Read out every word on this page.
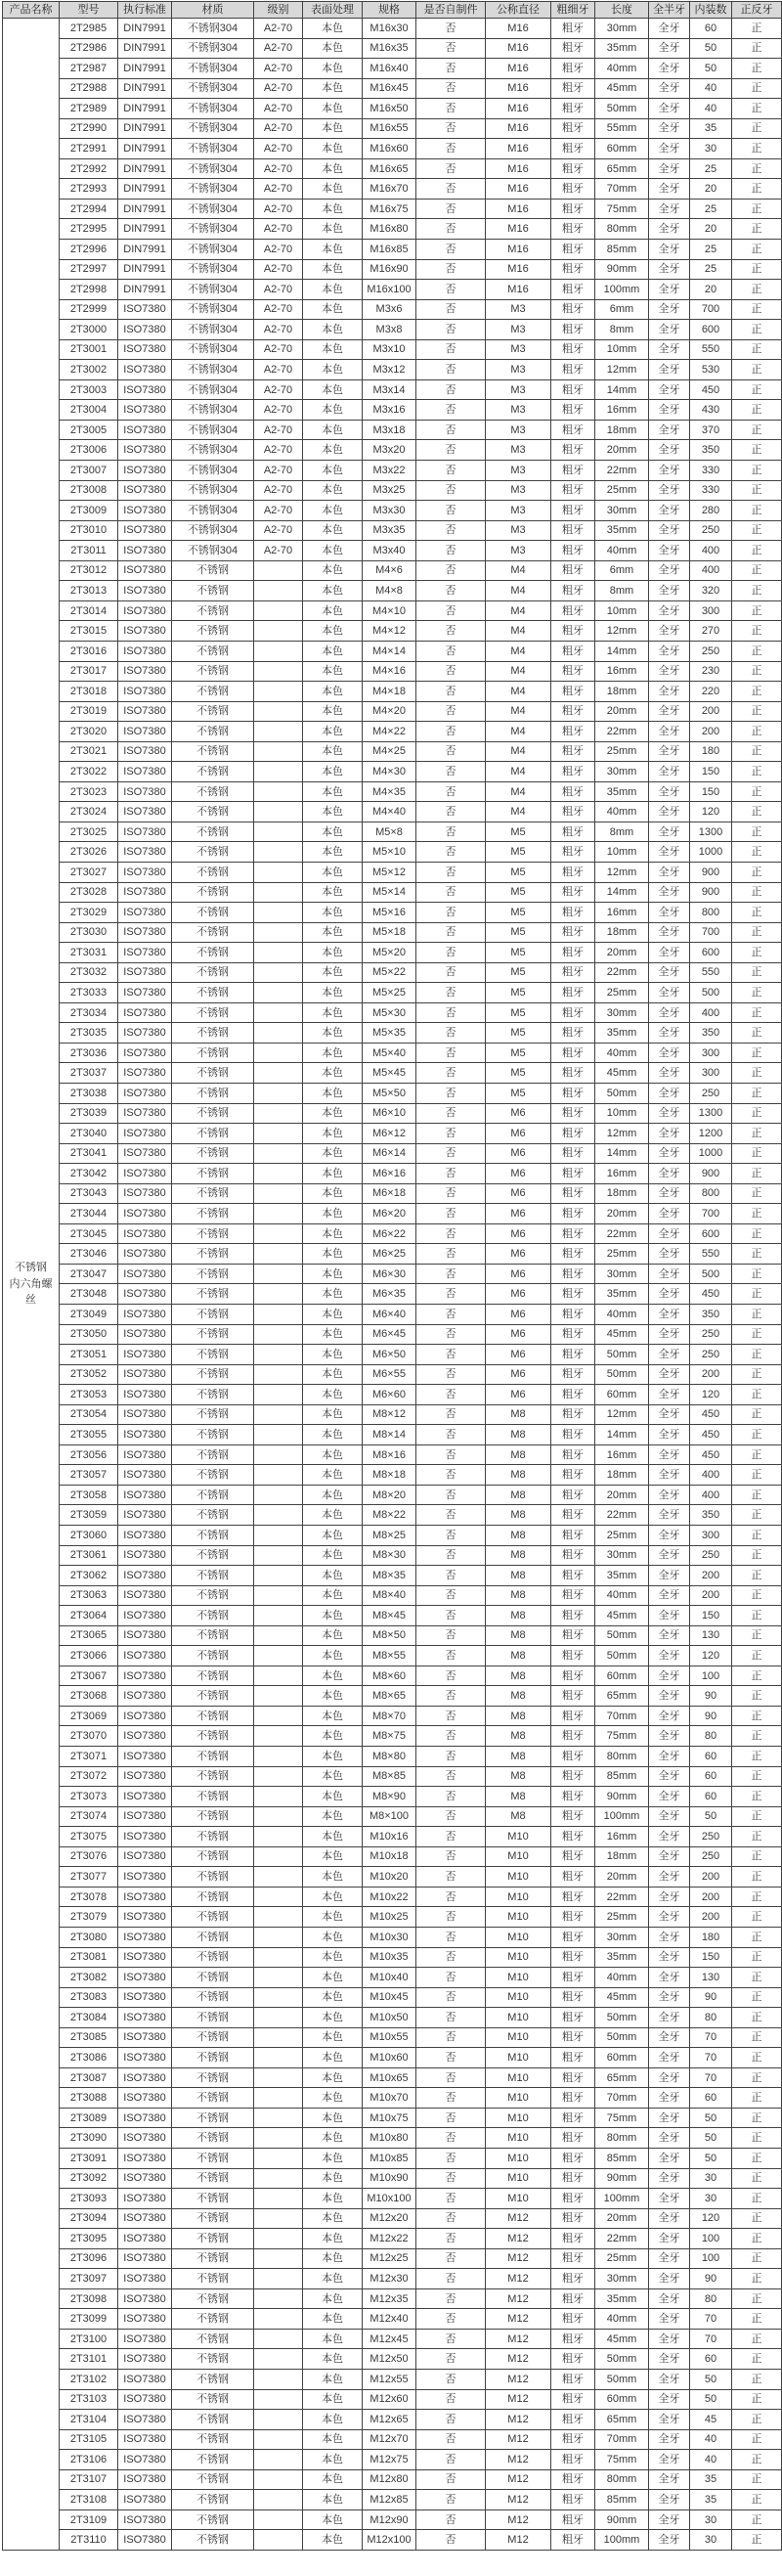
产品名称	型号	执行标准	材质	级别	表面处理	规格	是否自制件	公称直径	粗细牙	长度	全半牙	内装数	正反牙
不锈钢 内六角螺丝	2T2985	DIN7991	不锈钢304	A2-70	本色	M16x30	否	M16	粗牙	30mm	全牙	60	正
	2T2986	DIN7991	不锈钢304	A2-70	本色	M16x35	否	M16	粗牙	35mm	全牙	50	正
	2T2987	DIN7991	不锈钢304	A2-70	本色	M16x40	否	M16	粗牙	40mm	全牙	50	正
	2T2988	DIN7991	不锈钢304	A2-70	本色	M16x45	否	M16	粗牙	45mm	全牙	40	正
	2T2989	DIN7991	不锈钢304	A2-70	本色	M16x50	否	M16	粗牙	50mm	全牙	40	正
	2T2990	DIN7991	不锈钢304	A2-70	本色	M16x55	否	M16	粗牙	55mm	全牙	35	正
	2T2991	DIN7991	不锈钢304	A2-70	本色	M16x60	否	M16	粗牙	60mm	全牙	30	正
	2T2992	DIN7991	不锈钢304	A2-70	本色	M16x65	否	M16	粗牙	65mm	全牙	25	正
	2T2993	DIN7991	不锈钢304	A2-70	本色	M16x70	否	M16	粗牙	70mm	全牙	20	正
	2T2994	DIN7991	不锈钢304	A2-70	本色	M16x75	否	M16	粗牙	75mm	全牙	25	正
	2T2995	DIN7991	不锈钢304	A2-70	本色	M16x80	否	M16	粗牙	80mm	全牙	20	正
	2T2996	DIN7991	不锈钢304	A2-70	本色	M16x85	否	M16	粗牙	85mm	全牙	25	正
	2T2997	DIN7991	不锈钢304	A2-70	本色	M16x90	否	M16	粗牙	90mm	全牙	25	正
	2T2998	DIN7991	不锈钢304	A2-70	本色	M16x100	否	M16	粗牙	100mm	全牙	20	正
	2T2999	ISO7380	不锈钢304	A2-70	本色	M3x6	否	M3	粗牙	6mm	全牙	700	正
	2T3000	ISO7380	不锈钢304	A2-70	本色	M3x8	否	M3	粗牙	8mm	全牙	600	正
	2T3001	ISO7380	不锈钢304	A2-70	本色	M3x10	否	M3	粗牙	10mm	全牙	550	正
	2T3002	ISO7380	不锈钢304	A2-70	本色	M3x12	否	M3	粗牙	12mm	全牙	530	正
	2T3003	ISO7380	不锈钢304	A2-70	本色	M3x14	否	M3	粗牙	14mm	全牙	450	正
	2T3004	ISO7380	不锈钢304	A2-70	本色	M3x16	否	M3	粗牙	16mm	全牙	430	正
	2T3005	ISO7380	不锈钢304	A2-70	本色	M3x18	否	M3	粗牙	18mm	全牙	370	正
	2T3006	ISO7380	不锈钢304	A2-70	本色	M3x20	否	M3	粗牙	20mm	全牙	350	正
	2T3007	ISO7380	不锈钢304	A2-70	本色	M3x22	否	M3	粗牙	22mm	全牙	330	正
	2T3008	ISO7380	不锈钢304	A2-70	本色	M3x25	否	M3	粗牙	25mm	全牙	330	正
	2T3009	ISO7380	不锈钢304	A2-70	本色	M3x30	否	M3	粗牙	30mm	全牙	280	正
	2T3010	ISO7380	不锈钢304	A2-70	本色	M3x35	否	M3	粗牙	35mm	全牙	250	正
	2T3011	ISO7380	不锈钢304	A2-70	本色	M3x40	否	M3	粗牙	40mm	全牙	400	正
	2T3012	ISO7380	不锈钢		本色	M4×6	否	M4	粗牙	6mm	全牙	400	正
	2T3013	ISO7380	不锈钢		本色	M4×8	否	M4	粗牙	8mm	全牙	320	正
	2T3014	ISO7380	不锈钢		本色	M4×10	否	M4	粗牙	10mm	全牙	300	正
	2T3015	ISO7380	不锈钢		本色	M4×12	否	M4	粗牙	12mm	全牙	270	正
	2T3016	ISO7380	不锈钢		本色	M4×14	否	M4	粗牙	14mm	全牙	250	正
	2T3017	ISO7380	不锈钢		本色	M4×16	否	M4	粗牙	16mm	全牙	230	正
	2T3018	ISO7380	不锈钢		本色	M4×18	否	M4	粗牙	18mm	全牙	220	正
	2T3019	ISO7380	不锈钢		本色	M4×20	否	M4	粗牙	20mm	全牙	200	正
	2T3020	ISO7380	不锈钢		本色	M4×22	否	M4	粗牙	22mm	全牙	200	正
	2T3021	ISO7380	不锈钢		本色	M4×25	否	M4	粗牙	25mm	全牙	180	正
	2T3022	ISO7380	不锈钢		本色	M4×30	否	M4	粗牙	30mm	全牙	150	正
	2T3023	ISO7380	不锈钢		本色	M4×35	否	M4	粗牙	35mm	全牙	150	正
	2T3024	ISO7380	不锈钢		本色	M4×40	否	M4	粗牙	40mm	全牙	120	正
	2T3025	ISO7380	不锈钢		本色	M5×8	否	M5	粗牙	8mm	全牙	1300	正
	2T3026	ISO7380	不锈钢		本色	M5×10	否	M5	粗牙	10mm	全牙	1000	正
	2T3027	ISO7380	不锈钢		本色	M5×12	否	M5	粗牙	12mm	全牙	900	正
	2T3028	ISO7380	不锈钢		本色	M5×14	否	M5	粗牙	14mm	全牙	900	正
	2T3029	ISO7380	不锈钢		本色	M5×16	否	M5	粗牙	16mm	全牙	800	正
	2T3030	ISO7380	不锈钢		本色	M5×18	否	M5	粗牙	18mm	全牙	700	正
	2T3031	ISO7380	不锈钢		本色	M5×20	否	M5	粗牙	20mm	全牙	600	正
	2T3032	ISO7380	不锈钢		本色	M5×22	否	M5	粗牙	22mm	全牙	550	正
	2T3033	ISO7380	不锈钢		本色	M5×25	否	M5	粗牙	25mm	全牙	500	正
	2T3034	ISO7380	不锈钢		本色	M5×30	否	M5	粗牙	30mm	全牙	400	正
	2T3035	ISO7380	不锈钢		本色	M5×35	否	M5	粗牙	35mm	全牙	350	正
	2T3036	ISO7380	不锈钢		本色	M5×40	否	M5	粗牙	40mm	全牙	300	正
	2T3037	ISO7380	不锈钢		本色	M5×45	否	M5	粗牙	45mm	全牙	300	正
	2T3038	ISO7380	不锈钢		本色	M5×50	否	M5	粗牙	50mm	全牙	250	正
	2T3039	ISO7380	不锈钢		本色	M6×10	否	M6	粗牙	10mm	全牙	1300	正
	2T3040	ISO7380	不锈钢		本色	M6×12	否	M6	粗牙	12mm	全牙	1200	正
	2T3041	ISO7380	不锈钢		本色	M6×14	否	M6	粗牙	14mm	全牙	1000	正
	2T3042	ISO7380	不锈钢		本色	M6×16	否	M6	粗牙	16mm	全牙	900	正
	2T3043	ISO7380	不锈钢		本色	M6×18	否	M6	粗牙	18mm	全牙	800	正
	2T3044	ISO7380	不锈钢		本色	M6×20	否	M6	粗牙	20mm	全牙	700	正
	2T3045	ISO7380	不锈钢		本色	M6×22	否	M6	粗牙	22mm	全牙	600	正
	2T3046	ISO7380	不锈钢		本色	M6×25	否	M6	粗牙	25mm	全牙	550	正
	2T3047	ISO7380	不锈钢		本色	M6×30	否	M6	粗牙	30mm	全牙	500	正
	2T3048	ISO7380	不锈钢		本色	M6×35	否	M6	粗牙	35mm	全牙	450	正
	2T3049	ISO7380	不锈钢		本色	M6×40	否	M6	粗牙	40mm	全牙	350	正
	2T3050	ISO7380	不锈钢		本色	M6×45	否	M6	粗牙	45mm	全牙	250	正
	2T3051	ISO7380	不锈钢		本色	M6×50	否	M6	粗牙	50mm	全牙	250	正
	2T3052	ISO7380	不锈钢		本色	M6×55	否	M6	粗牙	50mm	全牙	200	正
	2T3053	ISO7380	不锈钢		本色	M6×60	否	M6	粗牙	60mm	全牙	120	正
	2T3054	ISO7380	不锈钢		本色	M8×12	否	M8	粗牙	12mm	全牙	450	正
	2T3055	ISO7380	不锈钢		本色	M8×14	否	M8	粗牙	14mm	全牙	450	正
	2T3056	ISO7380	不锈钢		本色	M8×16	否	M8	粗牙	16mm	全牙	450	正
	2T3057	ISO7380	不锈钢		本色	M8×18	否	M8	粗牙	18mm	全牙	400	正
	2T3058	ISO7380	不锈钢		本色	M8×20	否	M8	粗牙	20mm	全牙	400	正
	2T3059	ISO7380	不锈钢		本色	M8×22	否	M8	粗牙	22mm	全牙	350	正
	2T3060	ISO7380	不锈钢		本色	M8×25	否	M8	粗牙	25mm	全牙	300	正
	2T3061	ISO7380	不锈钢		本色	M8×30	否	M8	粗牙	30mm	全牙	250	正
	2T3062	ISO7380	不锈钢		本色	M8×35	否	M8	粗牙	35mm	全牙	200	正
	2T3063	ISO7380	不锈钢		本色	M8×40	否	M8	粗牙	40mm	全牙	200	正
	2T3064	ISO7380	不锈钢		本色	M8×45	否	M8	粗牙	45mm	全牙	150	正
	2T3065	ISO7380	不锈钢		本色	M8×50	否	M8	粗牙	50mm	全牙	130	正
	2T3066	ISO7380	不锈钢		本色	M8×55	否	M8	粗牙	50mm	全牙	120	正
	2T3067	ISO7380	不锈钢		本色	M8×60	否	M8	粗牙	60mm	全牙	100	正
	2T3068	ISO7380	不锈钢		本色	M8×65	否	M8	粗牙	65mm	全牙	90	正
	2T3069	ISO7380	不锈钢		本色	M8×70	否	M8	粗牙	70mm	全牙	90	正
	2T3070	ISO7380	不锈钢		本色	M8×75	否	M8	粗牙	75mm	全牙	80	正
	2T3071	ISO7380	不锈钢		本色	M8×80	否	M8	粗牙	80mm	全牙	60	正
	2T3072	ISO7380	不锈钢		本色	M8×85	否	M8	粗牙	85mm	全牙	60	正
	2T3073	ISO7380	不锈钢		本色	M8×90	否	M8	粗牙	90mm	全牙	60	正
	2T3074	ISO7380	不锈钢		本色	M8×100	否	M8	粗牙	100mm	全牙	50	正
	2T3075	ISO7380	不锈钢		本色	M10x16	否	M10	粗牙	16mm	全牙	250	正
	2T3076	ISO7380	不锈钢		本色	M10x18	否	M10	粗牙	18mm	全牙	250	正
	2T3077	ISO7380	不锈钢		本色	M10x20	否	M10	粗牙	20mm	全牙	200	正
	2T3078	ISO7380	不锈钢		本色	M10x22	否	M10	粗牙	22mm	全牙	200	正
	2T3079	ISO7380	不锈钢		本色	M10x25	否	M10	粗牙	25mm	全牙	200	正
	2T3080	ISO7380	不锈钢		本色	M10x30	否	M10	粗牙	30mm	全牙	180	正
	2T3081	ISO7380	不锈钢		本色	M10x35	否	M10	粗牙	35mm	全牙	150	正
	2T3082	ISO7380	不锈钢		本色	M10x40	否	M10	粗牙	40mm	全牙	130	正
	2T3083	ISO7380	不锈钢		本色	M10x45	否	M10	粗牙	45mm	全牙	90	正
	2T3084	ISO7380	不锈钢		本色	M10x50	否	M10	粗牙	50mm	全牙	80	正
	2T3085	ISO7380	不锈钢		本色	M10x55	否	M10	粗牙	50mm	全牙	70	正
	2T3086	ISO7380	不锈钢		本色	M10x60	否	M10	粗牙	60mm	全牙	70	正
	2T3087	ISO7380	不锈钢		本色	M10x65	否	M10	粗牙	65mm	全牙	70	正
	2T3088	ISO7380	不锈钢		本色	M10x70	否	M10	粗牙	70mm	全牙	60	正
	2T3089	ISO7380	不锈钢		本色	M10x75	否	M10	粗牙	75mm	全牙	50	正
	2T3090	ISO7380	不锈钢		本色	M10x80	否	M10	粗牙	80mm	全牙	50	正
	2T3091	ISO7380	不锈钢		本色	M10x85	否	M10	粗牙	85mm	全牙	50	正
	2T3092	ISO7380	不锈钢		本色	M10x90	否	M10	粗牙	90mm	全牙	30	正
	2T3093	ISO7380	不锈钢		本色	M10x100	否	M10	粗牙	100mm	全牙	30	正
	2T3094	ISO7380	不锈钢		本色	M12x20	否	M12	粗牙	20mm	全牙	120	正
	2T3095	ISO7380	不锈钢		本色	M12x22	否	M12	粗牙	22mm	全牙	100	正
	2T3096	ISO7380	不锈钢		本色	M12x25	否	M12	粗牙	25mm	全牙	100	正
	2T3097	ISO7380	不锈钢		本色	M12x30	否	M12	粗牙	30mm	全牙	90	正
	2T3098	ISO7380	不锈钢		本色	M12x35	否	M12	粗牙	35mm	全牙	80	正
	2T3099	ISO7380	不锈钢		本色	M12x40	否	M12	粗牙	40mm	全牙	70	正
	2T3100	ISO7380	不锈钢		本色	M12x45	否	M12	粗牙	45mm	全牙	70	正
	2T3101	ISO7380	不锈钢		本色	M12x50	否	M12	粗牙	50mm	全牙	60	正
	2T3102	ISO7380	不锈钢		本色	M12x55	否	M12	粗牙	50mm	全牙	50	正
	2T3103	ISO7380	不锈钢		本色	M12x60	否	M12	粗牙	60mm	全牙	50	正
	2T3104	ISO7380	不锈钢		本色	M12x65	否	M12	粗牙	65mm	全牙	45	正
	2T3105	ISO7380	不锈钢		本色	M12x70	否	M12	粗牙	70mm	全牙	40	正
	2T3106	ISO7380	不锈钢		本色	M12x75	否	M12	粗牙	75mm	全牙	40	正
	2T3107	ISO7380	不锈钢		本色	M12x80	否	M12	粗牙	80mm	全牙	35	正
	2T3108	ISO7380	不锈钢		本色	M12x85	否	M12	粗牙	85mm	全牙	35	正
	2T3109	ISO7380	不锈钢		本色	M12x90	否	M12	粗牙	90mm	全牙	30	正
	2T3110	ISO7380	不锈钢		本色	M12x100	否	M12	粗牙	100mm	全牙	30	正
